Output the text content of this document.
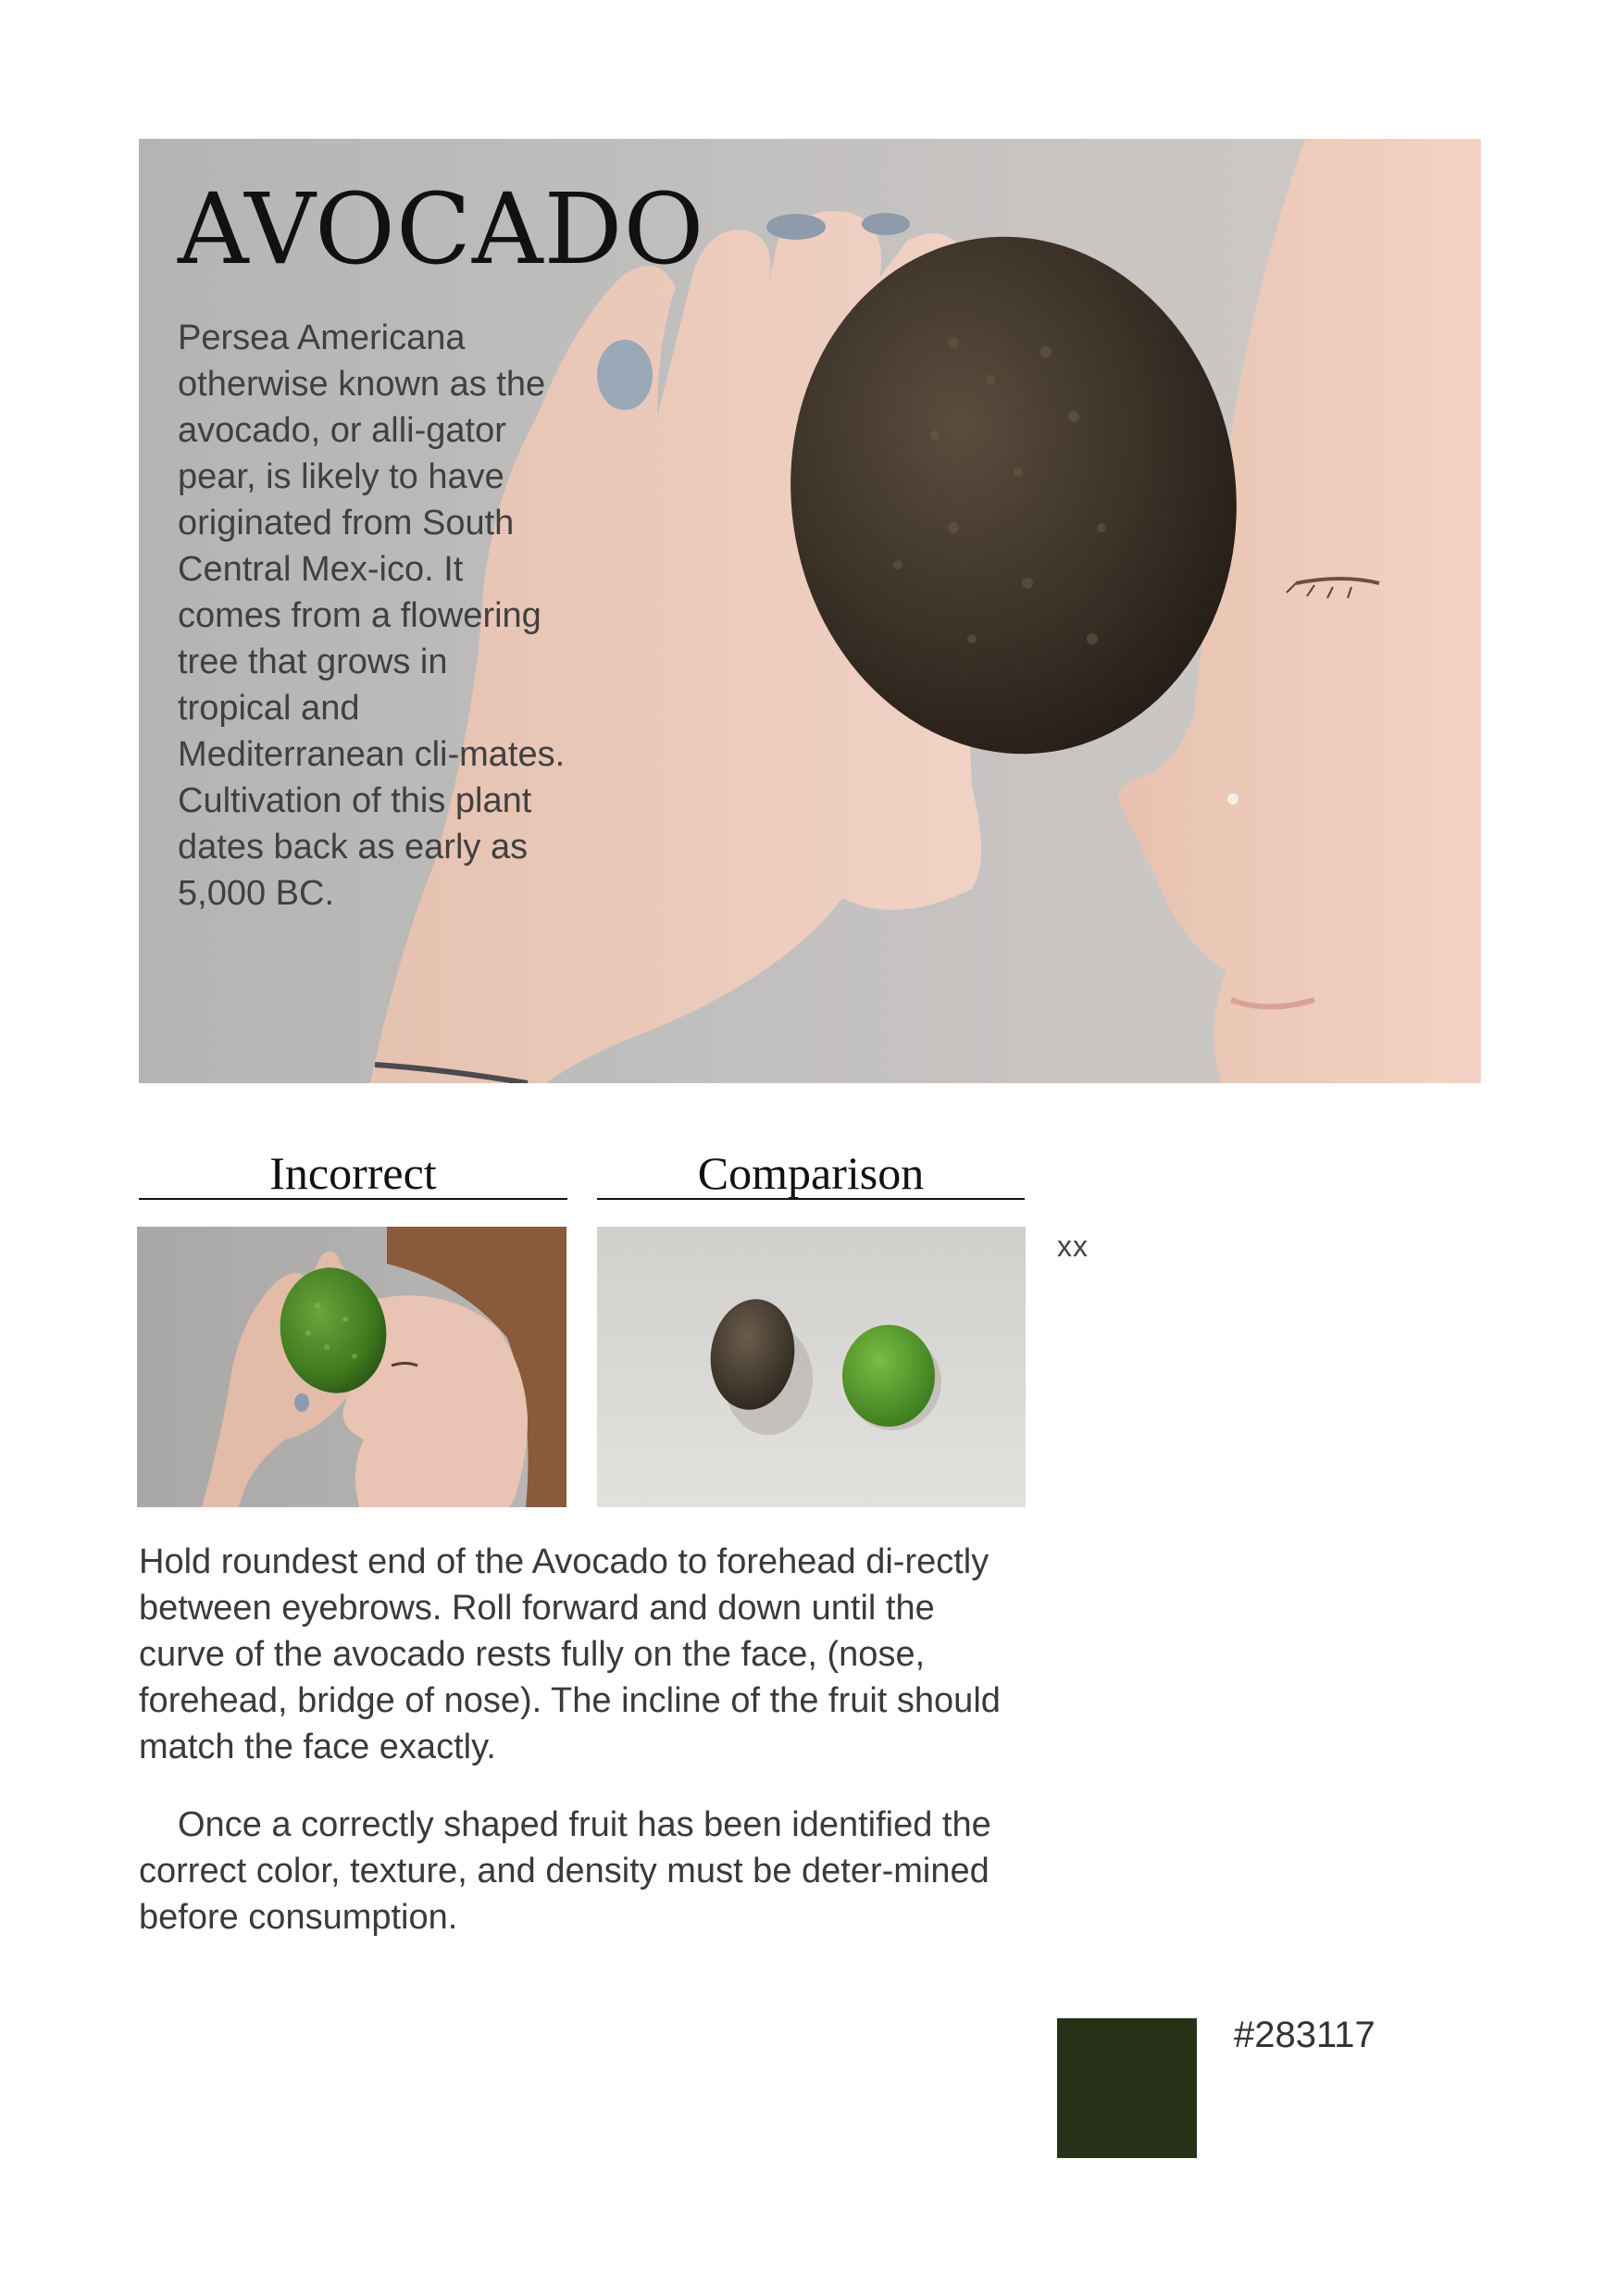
AVOCADO

Persea Americana otherwise known as the avocado, or alli-gator pear, is likely to have originated from South Central Mex-ico. It comes from a flowering tree that grows in tropical and Mediterranean cli-mates. Cultivation of this plant dates back as early as 5,000 BC.

Incorrect	Comparison
xx

Hold roundest end of the Avocado to forehead di-rectly between eyebrows. Roll forward and down until the curve of the avocado rests fully on the face, (nose, forehead, bridge of nose). The incline of the fruit should match the face exactly.

Once a correctly shaped fruit has been identified the correct color, texture, and density must be deter-mined before consumption.

#283117
